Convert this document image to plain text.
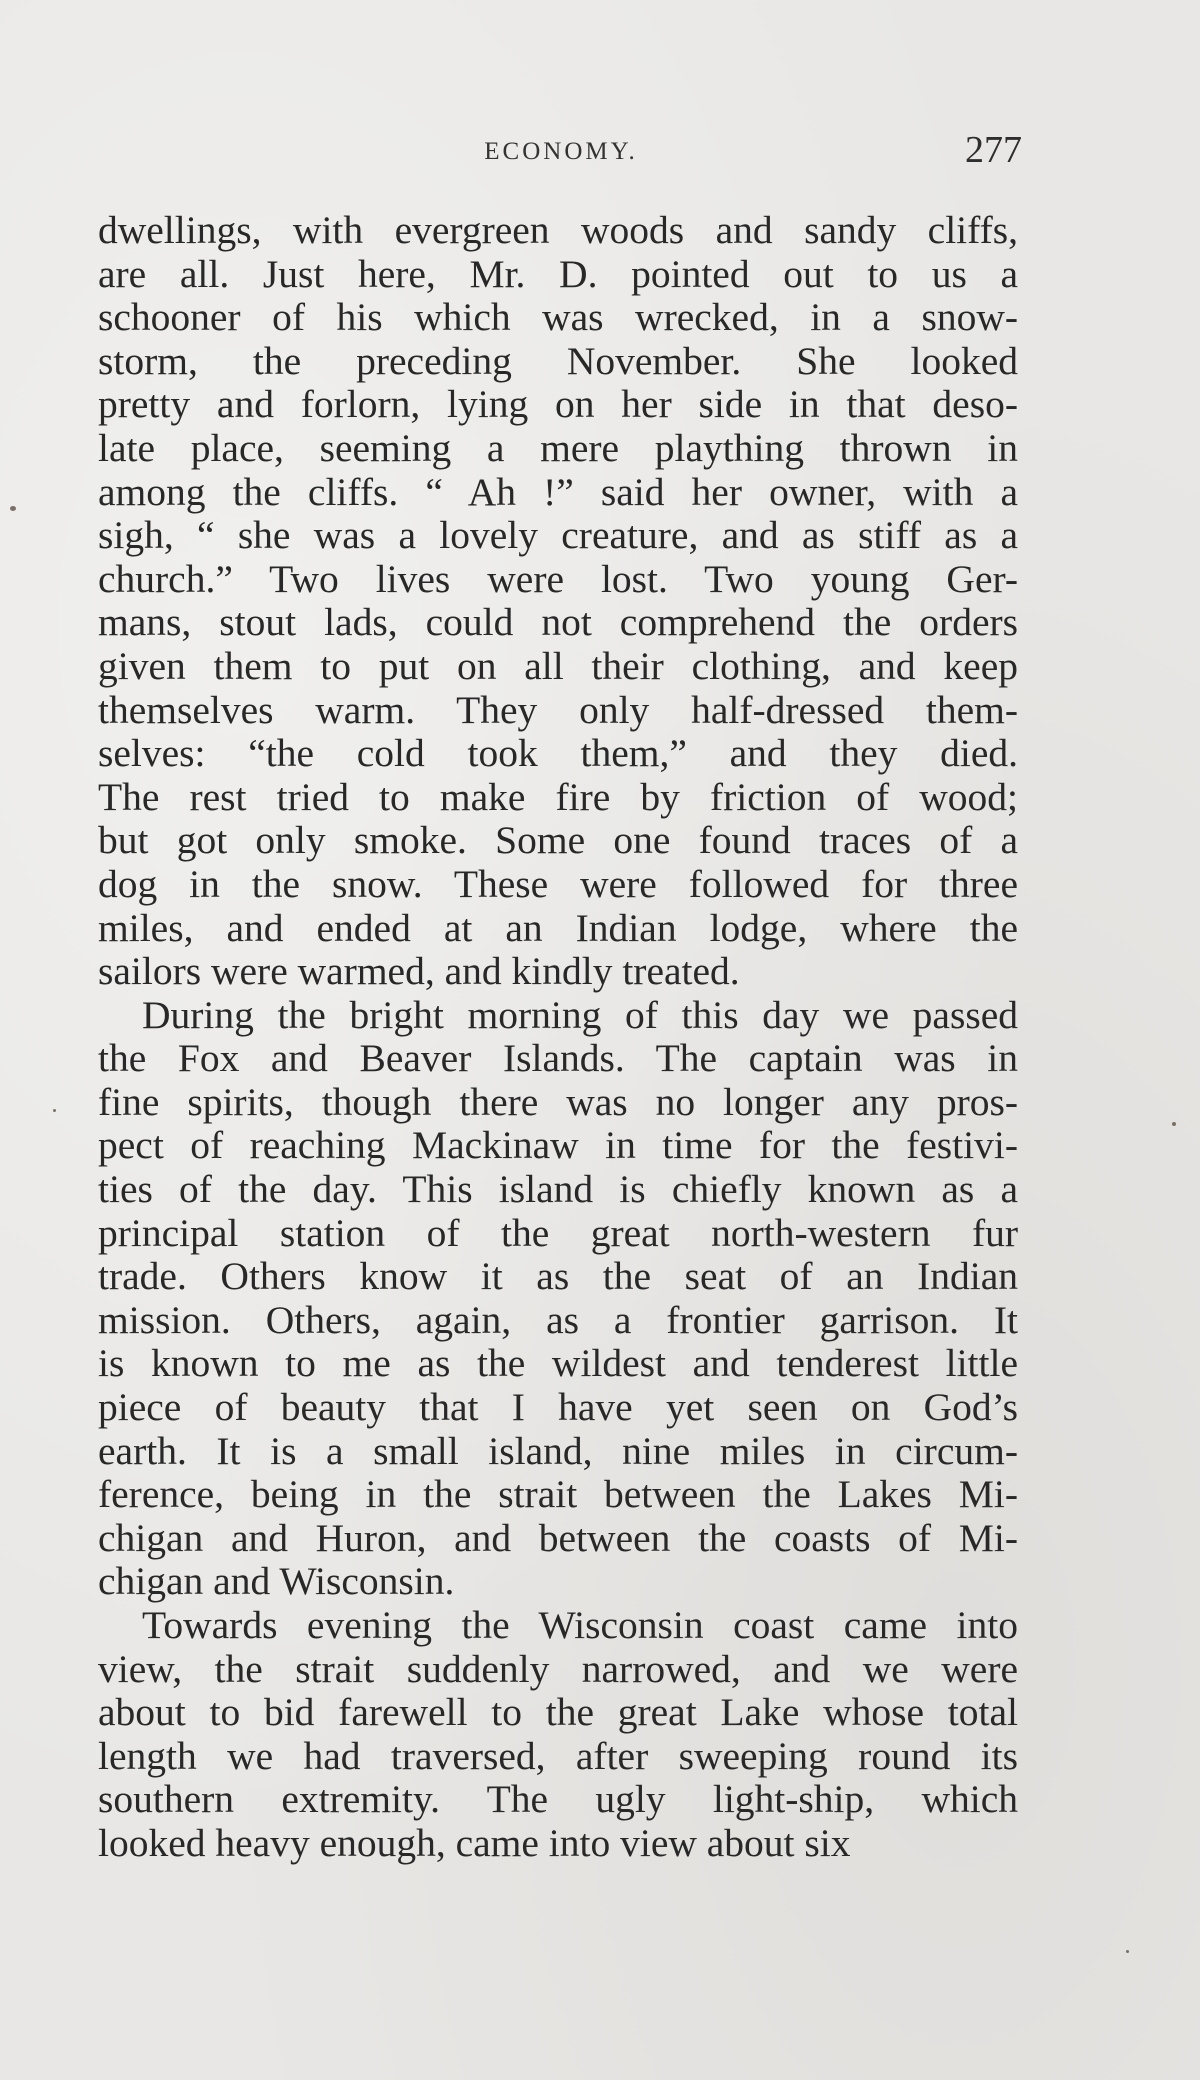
ECONOMY.	277
dwellings, with evergreen woods and sandy cliffs,
are all. Just here, Mr. D. pointed out to us a
schooner of his which was wrecked, in a snow-
storm, the preceding November. She looked
pretty and forlorn, lying on her side in that deso-
late place, seeming a mere plaything thrown in
among the cliffs. “ Ah !” said her owner, with a
sigh, “ she was a lovely creature, and as stiff as a
church.” Two lives were lost. Two young Ger-
mans, stout lads, could not comprehend the orders
given them to put on all their clothing, and keep
themselves warm. They only half-dressed them-
selves: “the cold took them,” and they died.
The rest tried to make fire by friction of wood;
but got only smoke. Some one found traces of a
dog in the snow. These were followed for three
miles, and ended at an Indian lodge, where the
sailors were warmed, and kindly treated.
During the bright morning of this day we passed
the Fox and Beaver Islands. The captain was in
fine spirits, though there was no longer any pros-
pect of reaching Mackinaw in time for the festivi-
ties of the day. This island is chiefly known as a
principal station of the great north-western fur
trade. Others know it as the seat of an Indian
mission. Others, again, as a frontier garrison. It
is known to me as the wildest and tenderest little
piece of beauty that I have yet seen on God’s
earth. It is a small island, nine miles in circum-
ference, being in the strait between the Lakes Mi-
chigan and Huron, and between the coasts of Mi-
chigan and Wisconsin.
Towards evening the Wisconsin coast came into
view, the strait suddenly narrowed, and we were
about to bid farewell to the great Lake whose total
length we had traversed, after sweeping round its
southern extremity. The ugly light-ship, which
looked heavy enough, came into view about six
